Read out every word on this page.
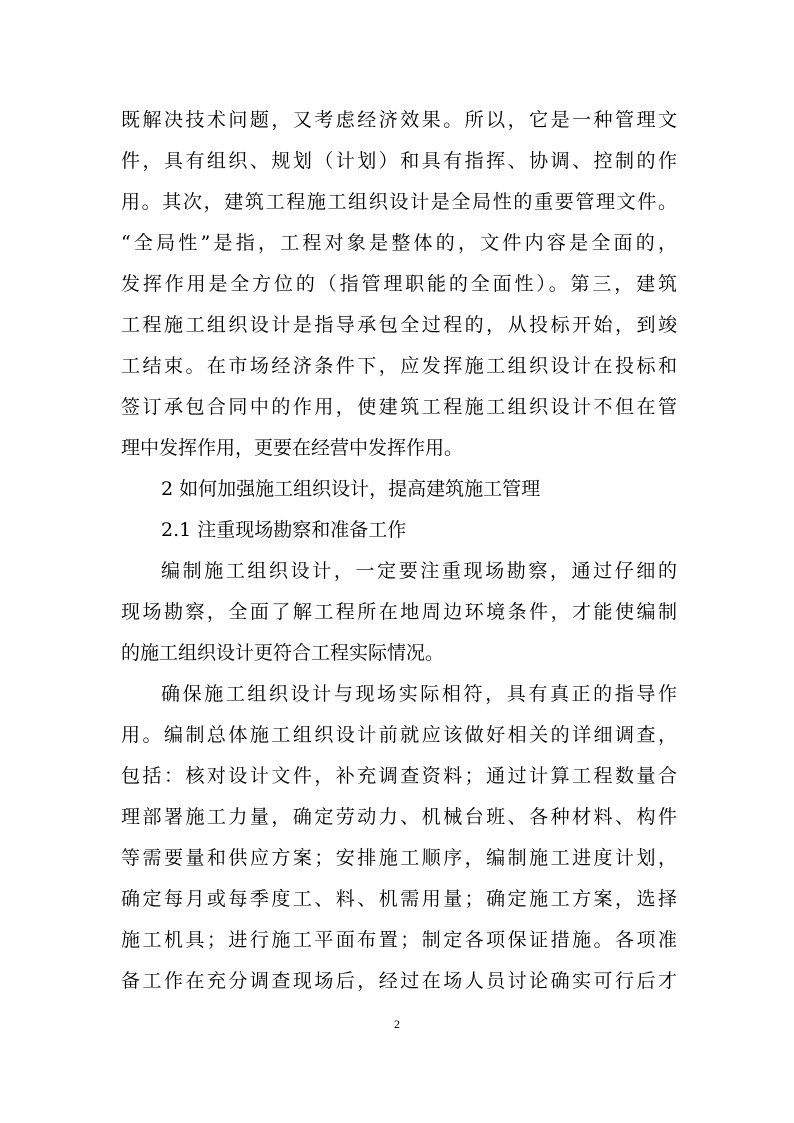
既解决技术问题，又考虑经济效果。所以，它是一种管理文
件，具有组织、规划（计划）和具有指挥、协调、控制的作
用。其次，建筑工程施工组织设计是全局性的重要管理文件。
“全局性”是指，工程对象是整体的，文件内容是全面的，
发挥作用是全方位的（指管理职能的全面性）。第三，建筑
工程施工组织设计是指导承包全过程的，从投标开始，到竣
工结束。在市场经济条件下，应发挥施工组织设计在投标和
签订承包合同中的作用，使建筑工程施工组织设计不但在管
理中发挥作用，更要在经营中发挥作用。
2 如何加强施工组织设计，提高建筑施工管理
2.1 注重现场勘察和准备工作
编制施工组织设计，一定要注重现场勘察，通过仔细的
现场勘察，全面了解工程所在地周边环境条件，才能使编制
的施工组织设计更符合工程实际情况。
确保施工组织设计与现场实际相符，具有真正的指导作
用。编制总体施工组织设计前就应该做好相关的详细调查，
包括：核对设计文件，补充调查资料；通过计算工程数量合
理部署施工力量，确定劳动力、机械台班、各种材料、构件
等需要量和供应方案；安排施工顺序，编制施工进度计划，
确定每月或每季度工、料、机需用量；确定施工方案，选择
施工机具；进行施工平面布置；制定各项保证措施。各项准
备工作在充分调查现场后，经过在场人员讨论确实可行后才
2
